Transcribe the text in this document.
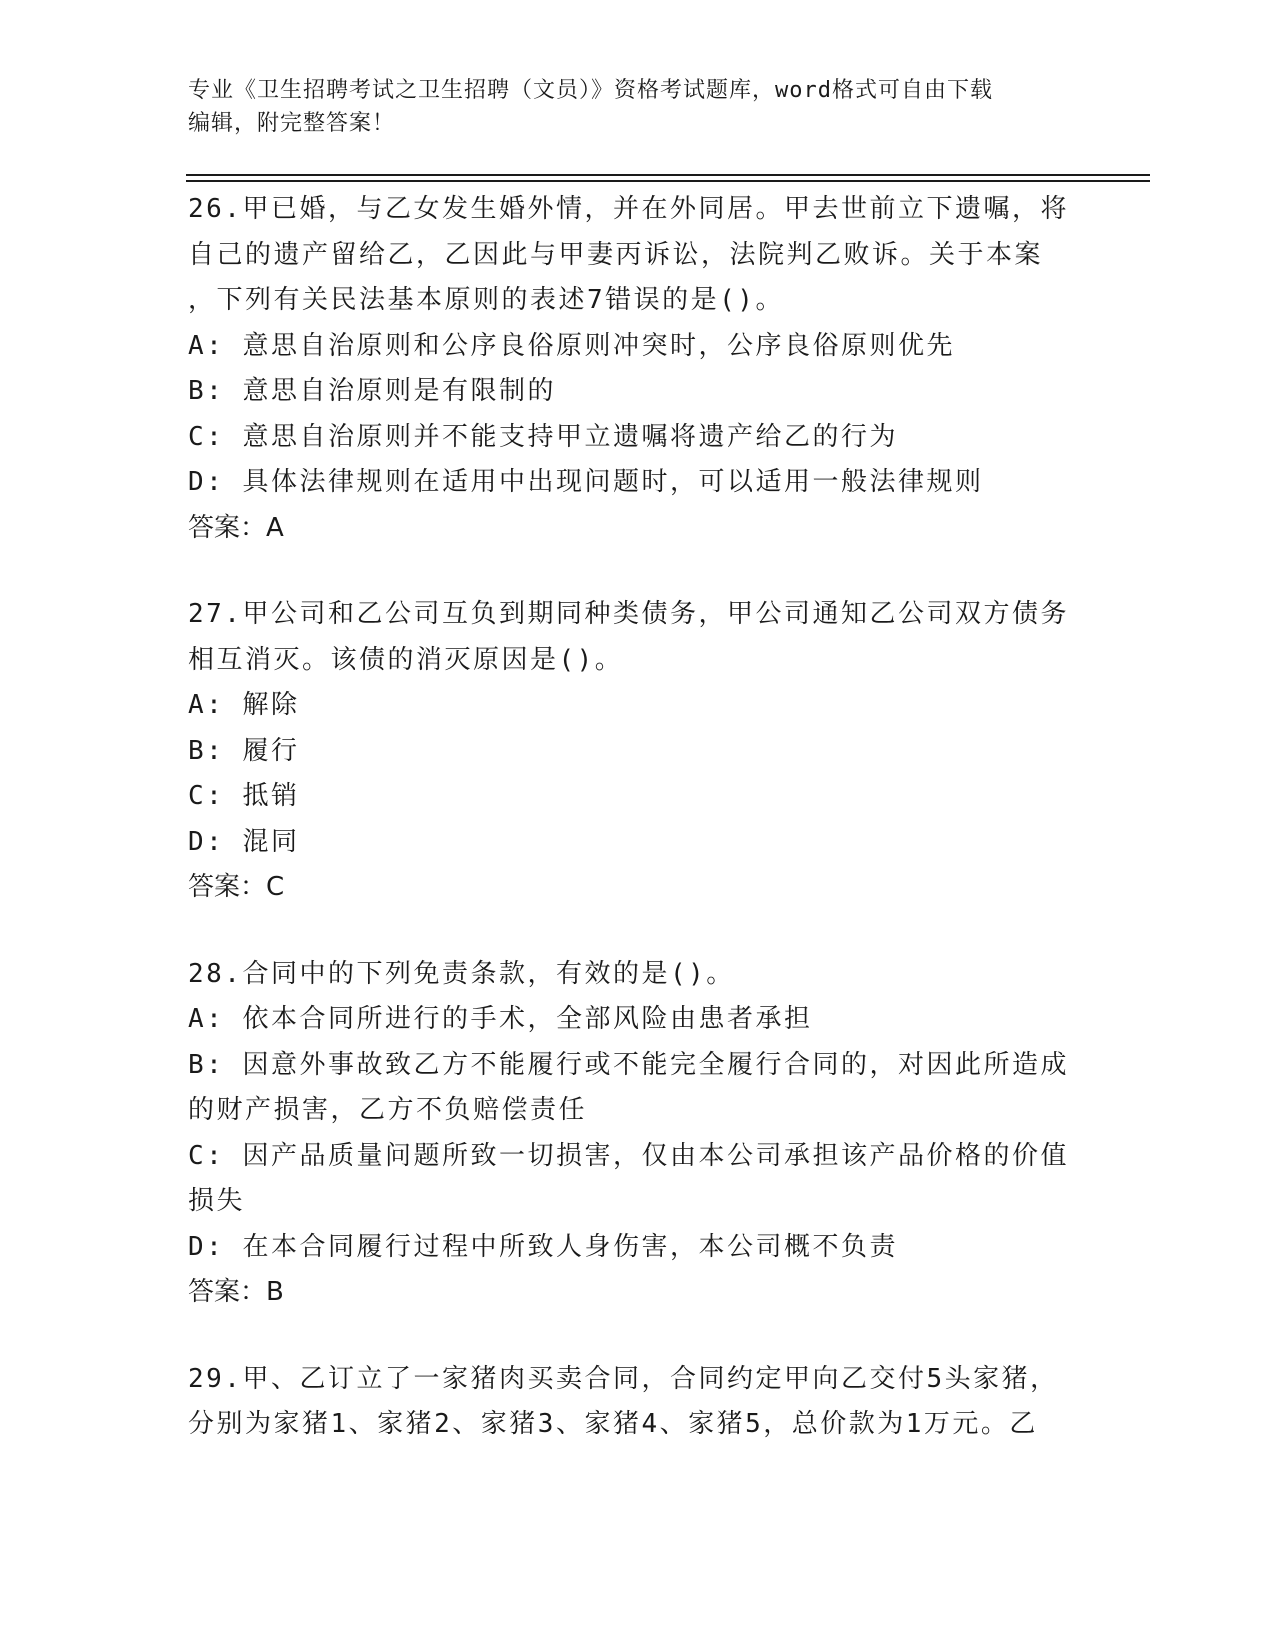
专业《卫生招聘考试之卫生招聘（文员）》资格考试题库，word格式可自由下载
编辑，附完整答案！
26.甲已婚，与乙女发生婚外情，并在外同居。甲去世前立下遗嘱，将
自己的遗产留给乙，乙因此与甲妻丙诉讼，法院判乙败诉。关于本案
，下列有关民法基本原则的表述7错误的是()。
A: 意思自治原则和公序良俗原则冲突时，公序良俗原则优先
B: 意思自治原则是有限制的
C: 意思自治原则并不能支持甲立遗嘱将遗产给乙的行为
D: 具体法律规则在适用中出现问题时，可以适用一般法律规则
答案：A
27.甲公司和乙公司互负到期同种类债务，甲公司通知乙公司双方债务
相互消灭。该债的消灭原因是()。
A: 解除
B: 履行
C: 抵销
D: 混同
答案：C
28.合同中的下列免责条款，有效的是()。
A: 依本合同所进行的手术，全部风险由患者承担
B: 因意外事故致乙方不能履行或不能完全履行合同的，对因此所造成
的财产损害，乙方不负赔偿责任
C: 因产品质量问题所致一切损害，仅由本公司承担该产品价格的价值
损失
D: 在本合同履行过程中所致人身伤害，本公司概不负责
答案：B
29.甲、乙订立了一家猪肉买卖合同，合同约定甲向乙交付5头家猪，
分别为家猪1、家猪2、家猪3、家猪4、家猪5，总价款为1万元。乙
